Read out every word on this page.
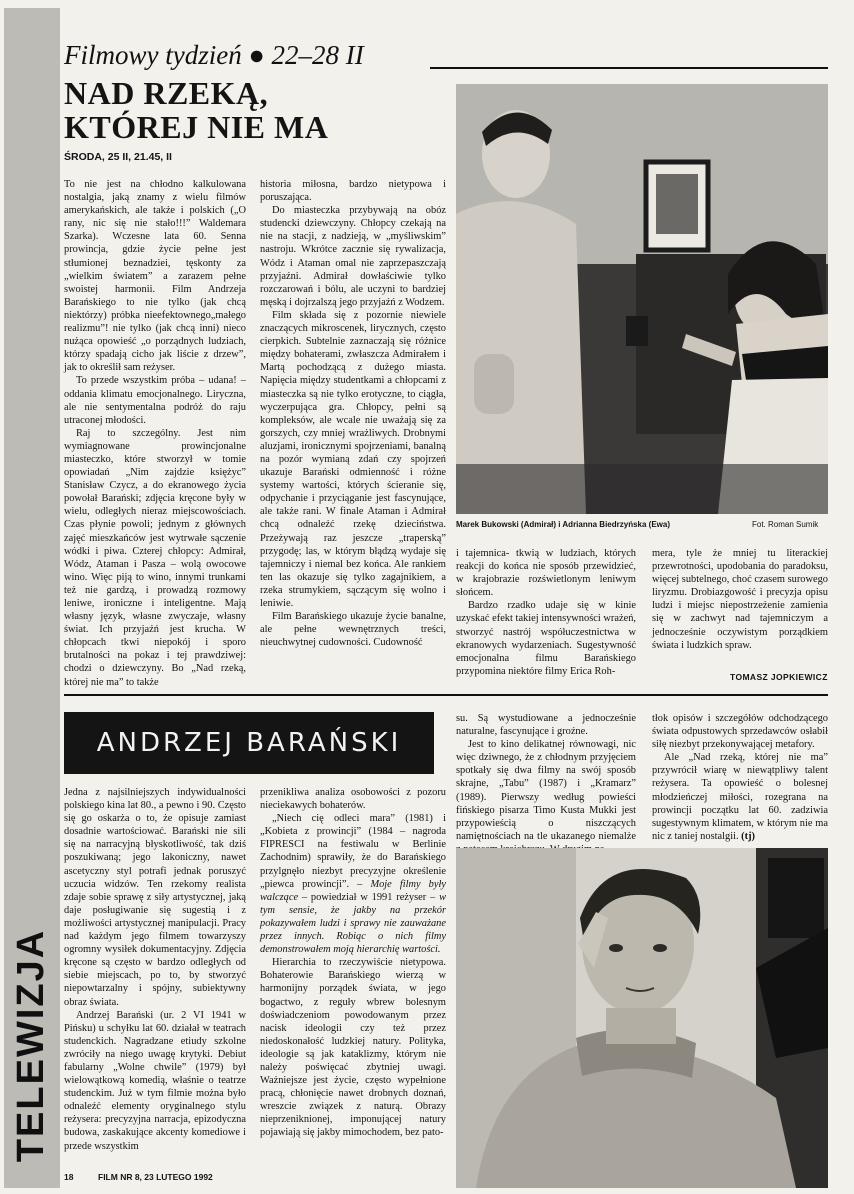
TELEWIZJA
Filmowy tydzień ● 22–28 II
NAD RZEKĄ,
KTÓREJ NIE MA
ŚRODA, 25 II, 21.45, II

To nie jest na chłodno kalkulowana nostalgia, jaką znamy z wielu filmów amerykańskich, ale także i polskich („O rany, nic się nie stało!!!” Waldemara Szarka). Wczesne lata 60. Senna prowincja, gdzie życie pełne jest stłumionej beznadziei, tęskonty za „wielkim światem” a zarazem pełne swoistej harmonii. Film Andrzeja Barańskiego to nie tylko (jak chcą niektórzy) próbka nieefektownego„małego realizmu”! nie tylko (jak chcą inni) nieco nużąca opowieść „o porządnych ludziach, którzy spadają cicho jak liście z drzew”, jak to określił sam reżyser.

To przede wszystkim próba – udana! – oddania klimatu emocjonalnego. Liryczna, ale nie sentymentalna podróż do raju utraconej młodości.

Raj to szczególny. Jest nim wymiagnowane prowincjonalne miasteczko, które stworzył w tomie opowiadań „Nim zajdzie księżyc” Stanisław Czycz, a do ekranowego życia powołał Barański; zdjęcia kręcone były w wielu, odległych nieraz miejscowościach. Czas płynie powoli; jednym z głównych zajęć mieszkańców jest wytrwałe sączenie wódki i piwa. Czterej chłopcy: Admirał, Wódz, Ataman i Pasza – wolą owocowe wino. Więc piją to wino, innymi trunkami też nie gardzą, i prowadzą rozmowy leniwe, ironiczne i inteligentne. Mają własny język, własne zwyczaje, własny świat. Ich przyjaźń jest krucha. W chłopcach tkwi niepokój i sporo brutalności na pokaz i tej prawdziwej: chodzi o dziewczyny. Bo „Nad rzeką, której nie ma” to także

historia miłosna, bardzo nietypowa i poruszająca.

Do miasteczka przybywają na obóz studencki dziewczyny. Chłopcy czekają na nie na stacji, z nadzieją, w „myśliwskim” nastroju. Wkrótce zacznie się rywalizacja, Wódz i Ataman omal nie zaprzepaszczają przyjaźni. Admirał dowłaściwie tylko rozczarowań i bólu, ale uczyni to bardziej męską i dojrzalszą jego przyjaźń z Wodzem.

Film składa się z pozornie niewiele znaczących mikroscenek, lirycznych, często cierpkich. Subtelnie zaznaczają się różnice między bohaterami, zwłaszcza Admirałem i Martą pochodzącą z dużego miasta. Napięcia między studentkami a chłopcami z miasteczka są nie tylko erotyczne, to ciągła, wyczerpująca gra. Chłopcy, pełni są kompleksów, ale wcale nie uważają się za gorszych, czy mniej wrażliwych. Drobnymi aluzjami, ironicznymi spojrzeniami, banalną na pozór wymianą zdań czy spojrzeń ukazuje Barański odmienność i różne systemy wartości, których ścieranie się, odpychanie i przyciąganie jest fascynujące, ale także rani. W finale Ataman i Admirał chcą odnaleźć rzekę dzieciństwa. Przeżywają raz jeszcze „traperską” przygodę; las, w którym błądzą wydaje się tajemniczy i niemal bez końca. Ale rankiem ten las okazuje się tylko zagajnikiem, a rzeka strumykiem, sączącym się wolno i leniwie.

Film Barańskiego ukazuje życie banalne, ale pełne wewnętrznych treści, nieuchwytnej cudowności. Cudowność

Marek Bukowski (Admirał) i Adrianna Biedrzyńska (Ewa)	Fot. Roman Sumik

i tajemnica- tkwią w ludziach, których reakcji do końca nie sposób przewidzieć, w krajobrazie rozświetlonym leniwym słońcem.

Bardzo rzadko udaje się w kinie uzyskać efekt takiej intensywności wrażeń, stworzyć nastrój współuczestnictwa w ekranowych wydarzeniach. Sugestywność emocjonalna filmu Barańskiego przypomina niektóre filmy Erica Roh-

mera, tyle że mniej tu literackiej przewrotności, upodobania do paradoksu, więcej subtelnego, choć czasem surowego liryzmu. Drobiazgowość i precyzja opisu ludzi i miejsc niepostrzeżenie zamienia się w zachwyt nad tajemniczym a jednocześnie oczywistym porządkiem świata i ludzkich spraw.

TOMASZ JOPKIEWICZ
ANDRZEJ BARAŃSKI

Jedna z najsilniejszych indywidualności polskiego kina lat 80., a pewno i 90. Często się go oskarża o to, że opisuje zamiast dosadnie wartościować. Barański nie sili się na narracyjną błyskotliwość, tak dziś poszukiwaną; jego lakoniczny, nawet ascetyczny styl potrafi jednak poruszyć uczucia widzów. Ten rzekomy realista zdaje sobie sprawę z siły artystycznej, jaką daje posługiwanie się sugestią i z możliwości artystycznej manipulacji. Pracy nad każdym jego filmem towarzyszy ogromny wysiłek dokumentacyjny. Zdjęcia kręcone są często w bardzo odległych od siebie miejscach, po to, by stworzyć niepowtarzalny i spójny, subiektywny obraz świata.

Andrzej Barański (ur. 2 VI 1941 w Pińsku) u schyłku lat 60. działał w teatrach studenckich. Nagradzane etiudy szkolne zwróciły na niego uwagę krytyki. Debiut fabularny „Wolne chwile” (1979) był wielowątkową komedią, właśnie o teatrze studenckim. Już w tym filmie można było odnaleźć elementy oryginalnego stylu reżysera: precyzyjna narracja, epizodyczna budowa, zaskakujące akcenty komediowe i przede wszystkim

przenikliwa analiza osobowości z pozoru nieciekawych bohaterów.

„Niech cię odleci mara” (1981) i „Kobieta z prowincji” (1984 – nagroda FIPRESCI na festiwalu w Berlinie Zachodnim) sprawiły, że do Barańskiego przylgnęło niezbyt precyzyjne określenie „piewca prowincji”. – Moje filmy były walczące – powiedział w 1991 reżyser – w tym sensie, że jakby na przekór pokazywałem ludzi i sprawy nie zauważane przez innych. Robiąc o nich filmy demonstrowałem moją hierarchię wartości.

Hierarchia to rzeczywiście nietypowa. Bohaterowie Barańskiego wierzą w harmonijny porządek świata, w jego bogactwo, z reguły wbrew bolesnym doświadczeniom powodowanym przez nacisk ideologii czy też przez niedoskonałość ludzkiej natury. Polityka, ideologie są jak kataklizmy, którym nie należy poświęcać zbytniej uwagi. Ważniejsze jest życie, często wypełnione pracą, chłonięcie nawet drobnych doznań, wreszcie związek z naturą. Obrazy nieprzeniknionej, imponującej natury pojawiają się jakby mimochodem, bez pato-

su. Są wystudiowane a jednocześnie naturalne, fascynujące i groźne.

Jest to kino delikatnej równowagi, nic więc dziwnego, że z chłodnym przyjęciem spotkały się dwa filmy na swój sposób skrajne, „Tabu” (1987) i „Kramarz” (1989). Pierwszy według powieści fińskiego pisarza Timo Kusta Mukki jest przypowieścią o niszczących namiętnościach na tle ukazanego niemalże

tłok opisów i szczegółów odchodzącego świata odpustowych sprzedawców osłabił siłę niezbyt przekonywającej metafory.

Ale „Nad rzeką, której nie ma” przywrócił wiarę w niewątpliwy talent reżysera. Ta opowieść o bolesnej młodzieńczej miłości, rozegrana na prowincji początku lat 60. zadziwia sugestywnym klimatem, w którym nie ma nic z taniej nostalgii. (tj)

18	FILM NR 8, 23 LUTEGO 1992
